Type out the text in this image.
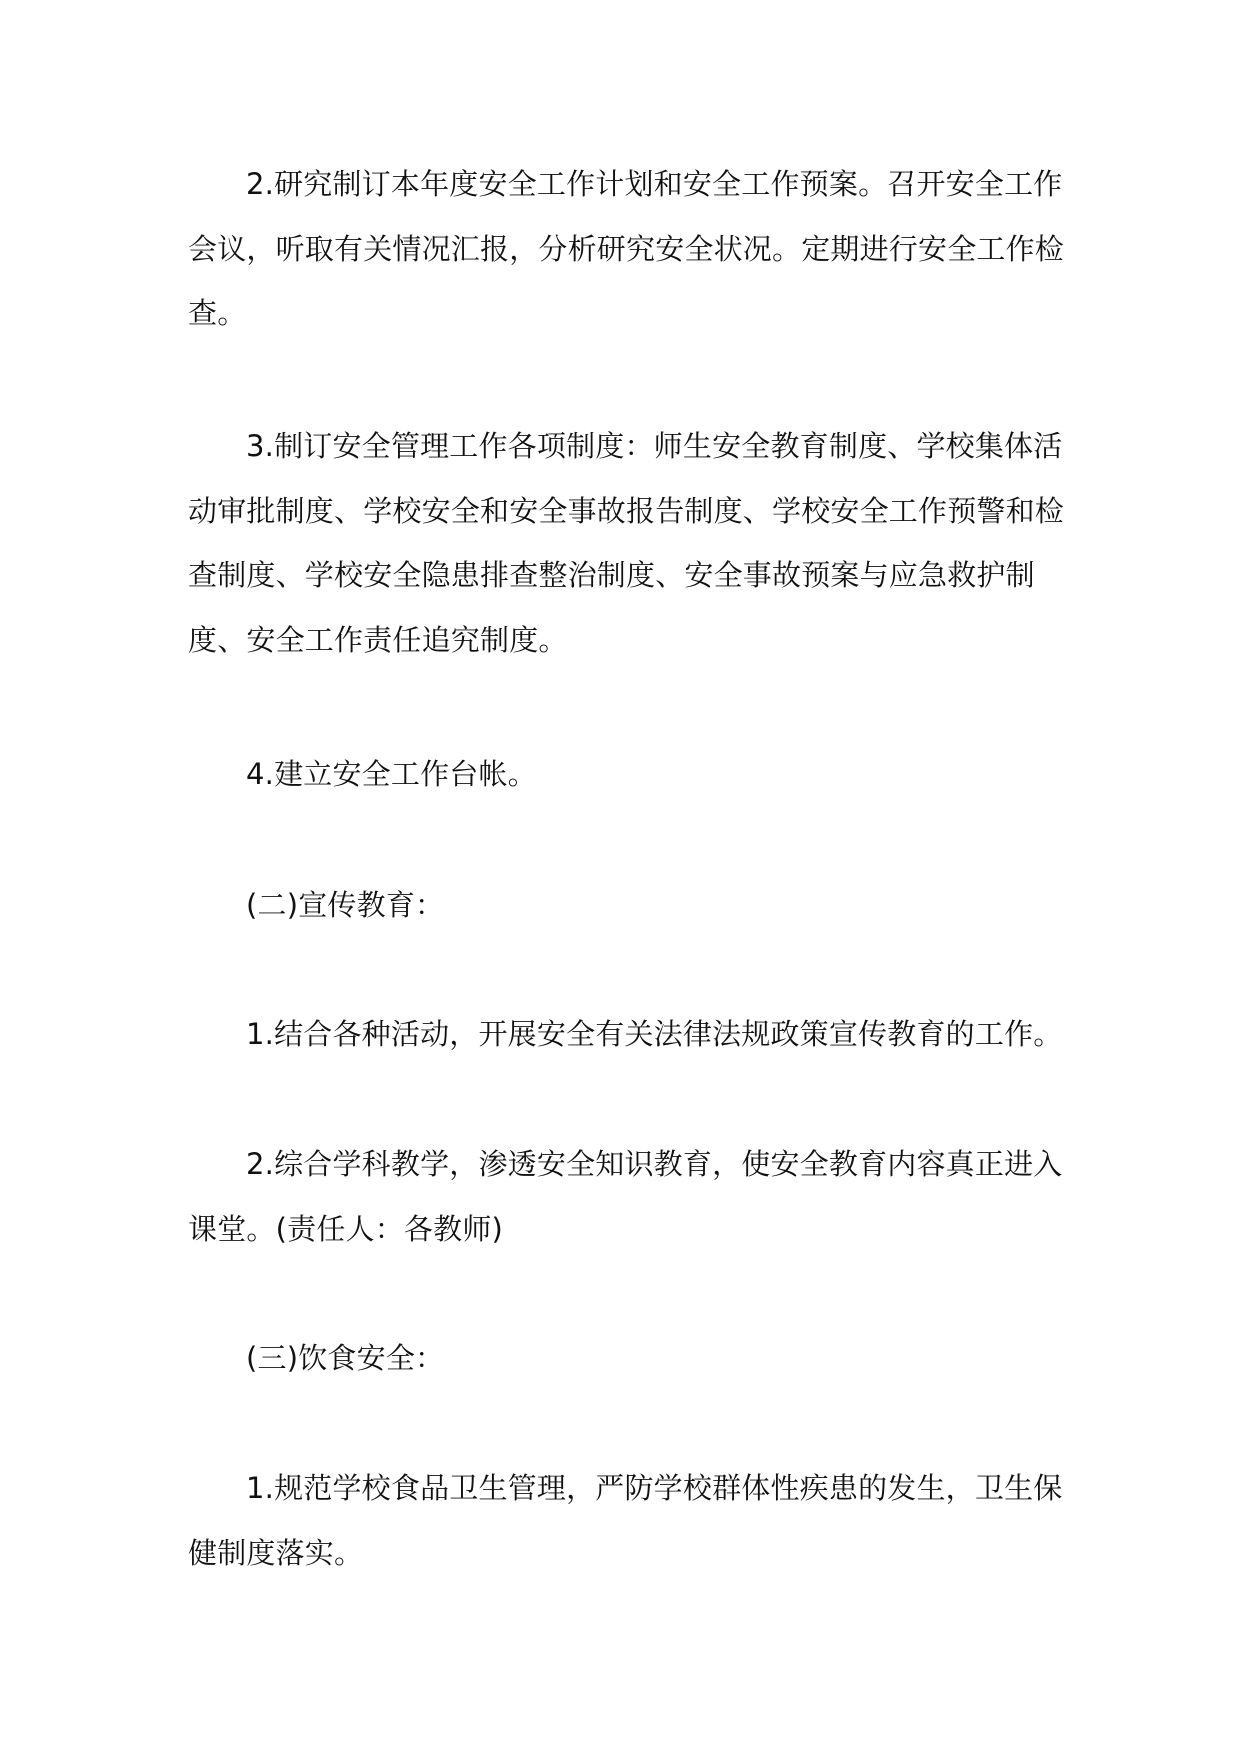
2.研究制订本年度安全工作计划和安全工作预案。召开安全工作会议，听取有关情况汇报，分析研究安全状况。定期进行安全工作检查。

3.制订安全管理工作各项制度：师生安全教育制度、学校集体活动审批制度、学校安全和安全事故报告制度、学校安全工作预警和检查制度、学校安全隐患排查整治制度、安全事故预案与应急救护制度、安全工作责任追究制度。

4.建立安全工作台帐。

(二)宣传教育：

1.结合各种活动，开展安全有关法律法规政策宣传教育的工作。

2.综合学科教学，渗透安全知识教育，使安全教育内容真正进入课堂。(责任人：各教师)

(三)饮食安全：

1.规范学校食品卫生管理，严防学校群体性疾患的发生，卫生保健制度落实。
